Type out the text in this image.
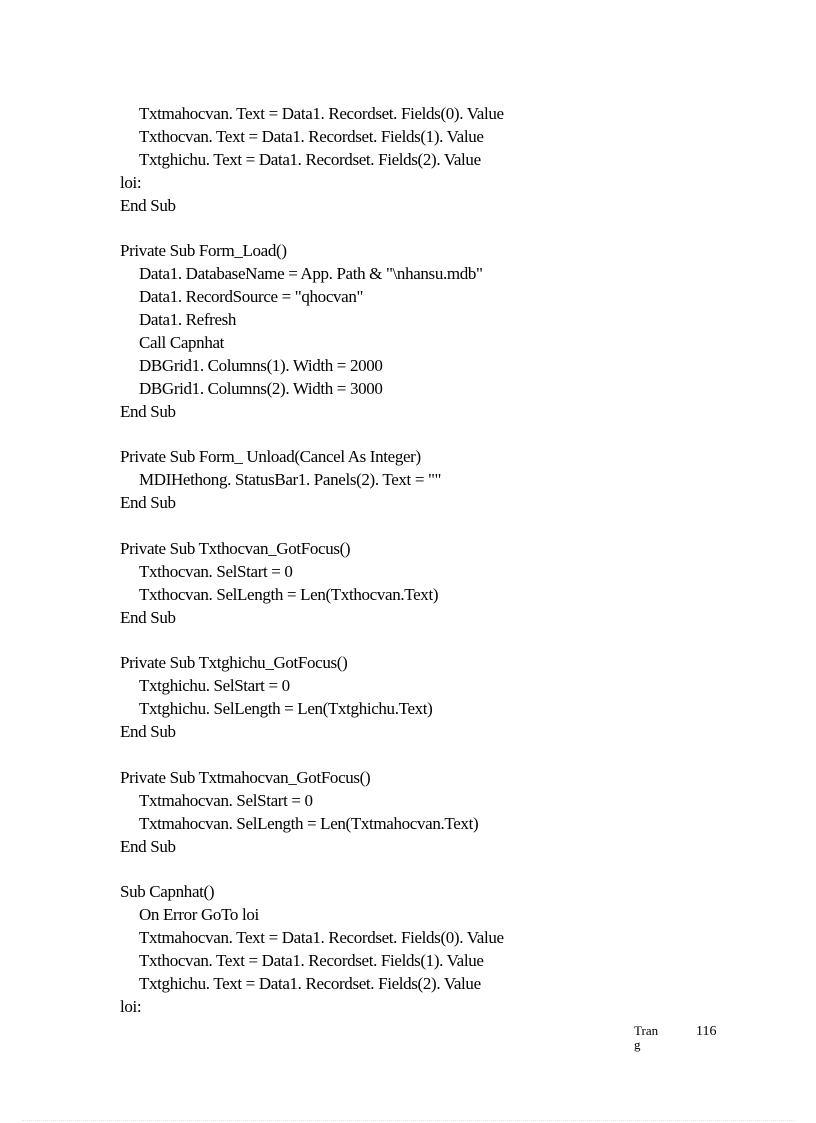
Txtmahocvan. Text = Data1. Recordset. Fields(0). Value
Txthocvan. Text = Data1. Recordset. Fields(1). Value
Txtghichu. Text = Data1. Recordset. Fields(2). Value
loi:
End Sub
Private Sub Form_Load()
Data1. DatabaseName = App. Path & "\nhansu.mdb"
Data1. RecordSource = "qhocvan"
Data1. Refresh
Call Capnhat
DBGrid1. Columns(1). Width = 2000
DBGrid1. Columns(2). Width = 3000
End Sub
Private Sub Form_ Unload(Cancel As Integer)
MDIHethong. StatusBar1. Panels(2). Text = ""
End Sub
Private Sub Txthocvan_GotFocus()
Txthocvan. SelStart = 0
Txthocvan. SelLength = Len(Txthocvan.Text)
End Sub
Private Sub Txtghichu_GotFocus()
Txtghichu. SelStart = 0
Txtghichu. SelLength = Len(Txtghichu.Text)
End Sub
Private Sub Txtmahocvan_GotFocus()
Txtmahocvan. SelStart = 0
Txtmahocvan. SelLength = Len(Txtmahocvan.Text)
End Sub
Sub Capnhat()
On Error GoTo loi
Txtmahocvan. Text = Data1. Recordset. Fields(0). Value
Txthocvan. Text = Data1. Recordset. Fields(1). Value
Txtghichu. Text = Data1. Recordset. Fields(2). Value
loi:
Trang
116
